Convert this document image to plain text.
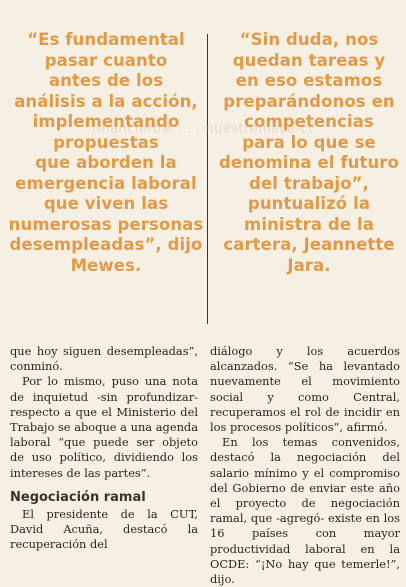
“Es fundamental
pasar cuanto
antes de los
análisis a la acción,
implementando
propuestas
que aborden la
emergencia laboral
que viven las
numerosas personas
desempleadas”, dijo
Mewes.
“Sin duda, nos
quedan tareas y
en eso estamos
preparándonos en
competencias
para lo que se
denomina el futuro
del trabajo”,
puntualizó la
ministra de la
cartera, Jeannette
Jara.
financiero# . . . nuestrenlace-cl

que hoy siguen desempleadas”, conminó.

Por lo mismo, puso una nota de inquietud -sin profundizar- respecto a que el Ministerio del Trabajo se aboque a una agenda laboral “que puede ser objeto de uso político, dividiendo los intereses de las partes”.

Negociación ramal

El presidente de la CUT, David Acuña, destacó la recuperación del

diálogo y los acuerdos alcanzados. “Se ha levantado nuevamente el movimiento social y como Central, recuperamos el rol de incidir en los procesos políticos”, afirmó.

En los temas convenidos, destacó la negociación del salario mínimo y el compromiso del Gobierno de enviar este año el proyecto de negociación ramal, que -agregó- existe en los 16 países con mayor productividad laboral en la OCDE: “¡No hay que temerle!”, dijo.
